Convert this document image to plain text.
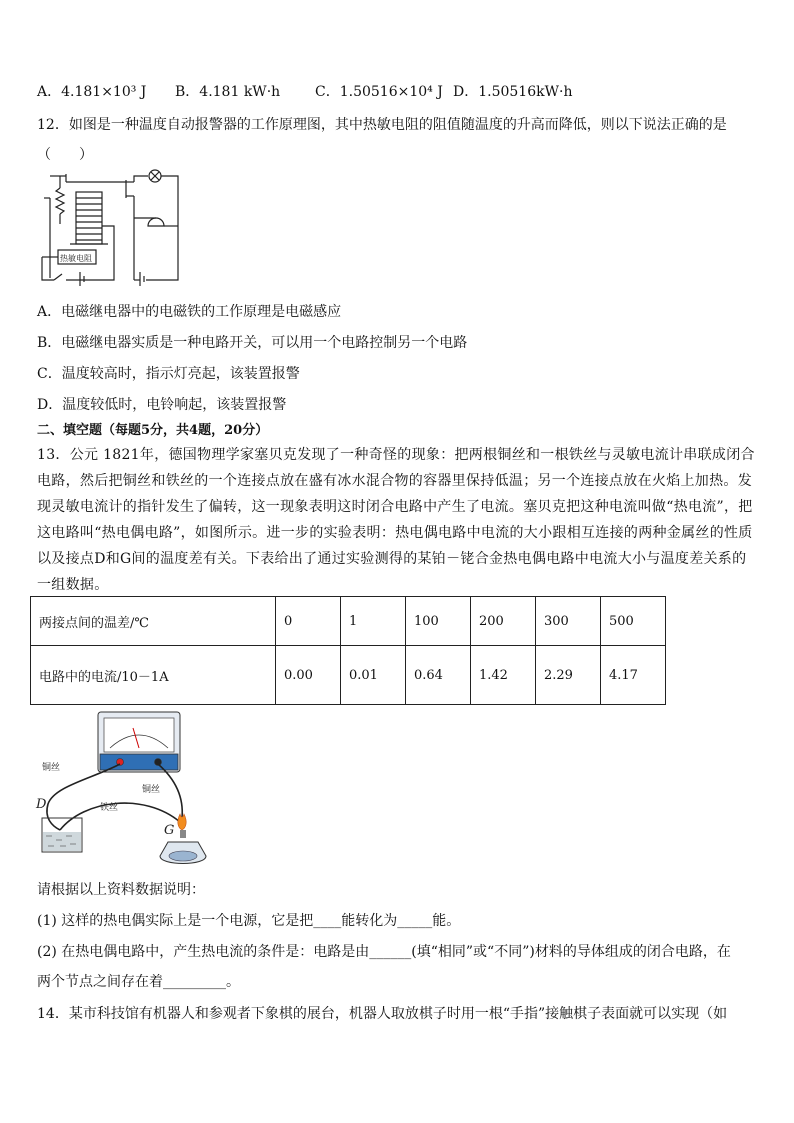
A．4.181×10³ J B．4.181 kW·h C．1.50516×10⁴ J D．1.50516kW·h
12．如图是一种温度自动报警器的工作原理图，其中热敏电阻的阻值随温度的升高而降低，则以下说法正确的是
（　　）
热敏电阻
A．电磁继电器中的电磁铁的工作原理是电磁感应
B．电磁继电器实质是一种电路开关，可以用一个电路控制另一个电路
C．温度较高时，指示灯亮起，该装置报警
D．温度较低时，电铃响起，该装置报警
二、填空题（每题5分，共4题，20分）
13．公元 1821年，德国物理学家塞贝克发现了一种奇怪的现象：把两根铜丝和一根铁丝与灵敏电流计串联成闭合电路，然后把铜丝和铁丝的一个连接点放在盛有冰水混合物的容器里保持低温；另一个连接点放在火焰上加热。发现灵敏电流计的指针发生了偏转，这一现象表明这时闭合电路中产生了电流。塞贝克把这种电流叫做“热电流”，把这电路叫“热电偶电路”，如图所示。进一步的实验表明：热电偶电路中电流的大小跟相互连接的两种金属丝的性质以及接点D和G间的温度差有关。下表给出了通过实验测得的某铂－铑合金热电偶电路中电流大小与温度差关系的一组数据。
两接点间的温差/℃	0	1	100	200	300	500
电路中的电流/10－1A	0.00	0.01	0.64	1.42	2.29	4.17
铜丝
铜丝
铁丝
D
G
请根据以上资料数据说明：
(1) 这样的热电偶实际上是一个电源，它是把____能转化为_____能。
(2) 在热电偶电路中，产生热电流的条件是：电路是由______(填“相同”或“不同”)材料的导体组成的闭合电路，在
两个节点之间存在着_________。
14．某市科技馆有机器人和参观者下象棋的展台，机器人取放棋子时用一根“手指”接触棋子表面就可以实现（如
